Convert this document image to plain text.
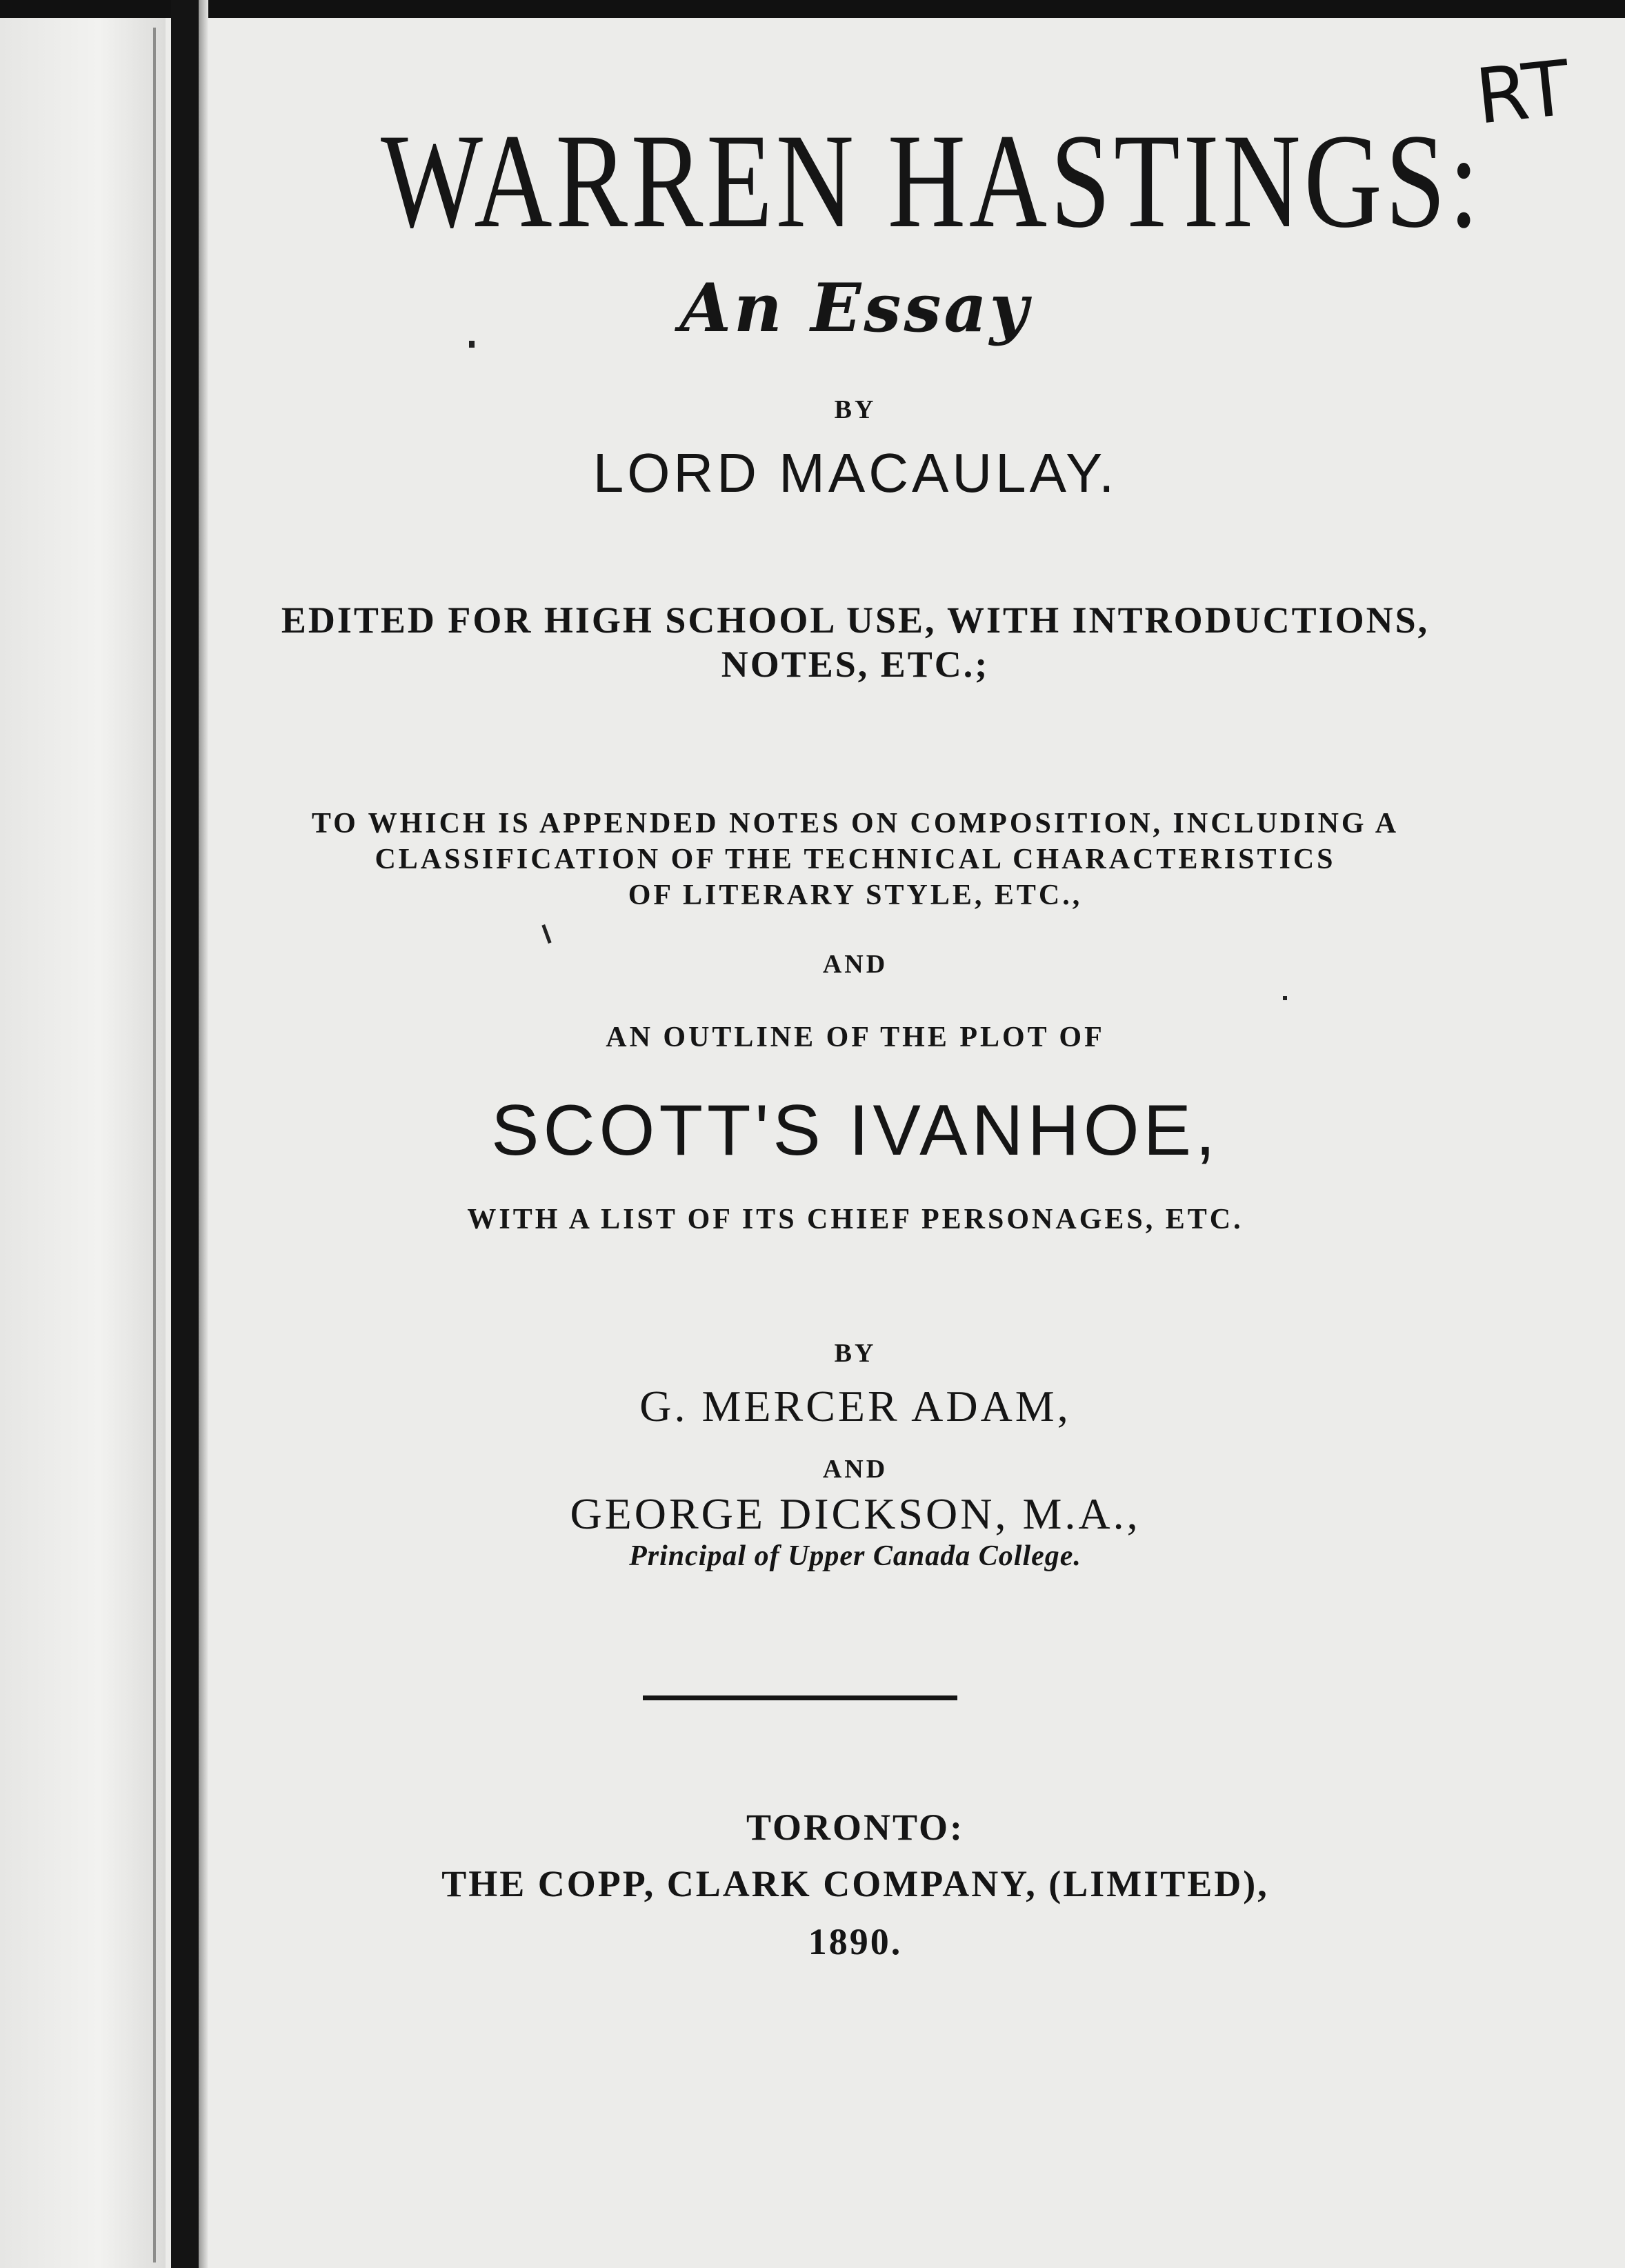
RT
WARREN HASTINGS:
An Essay
BY
LORD MACAULAY.
EDITED FOR HIGH SCHOOL USE, WITH INTRODUCTIONS,
NOTES, ETC.;
TO WHICH IS APPENDED NOTES ON COMPOSITION, INCLUDING A
CLASSIFICATION OF THE TECHNICAL CHARACTERISTICS
OF LITERARY STYLE, ETC.,
AND
AN OUTLINE OF THE PLOT OF
SCOTT'S IVANHOE,
WITH A LIST OF ITS CHIEF PERSONAGES, ETC.
BY
G. MERCER ADAM,
AND
GEORGE DICKSON, M.A.,
Principal of Upper Canada College.
TORONTO:
THE COPP, CLARK COMPANY, (LIMITED),
1890.
